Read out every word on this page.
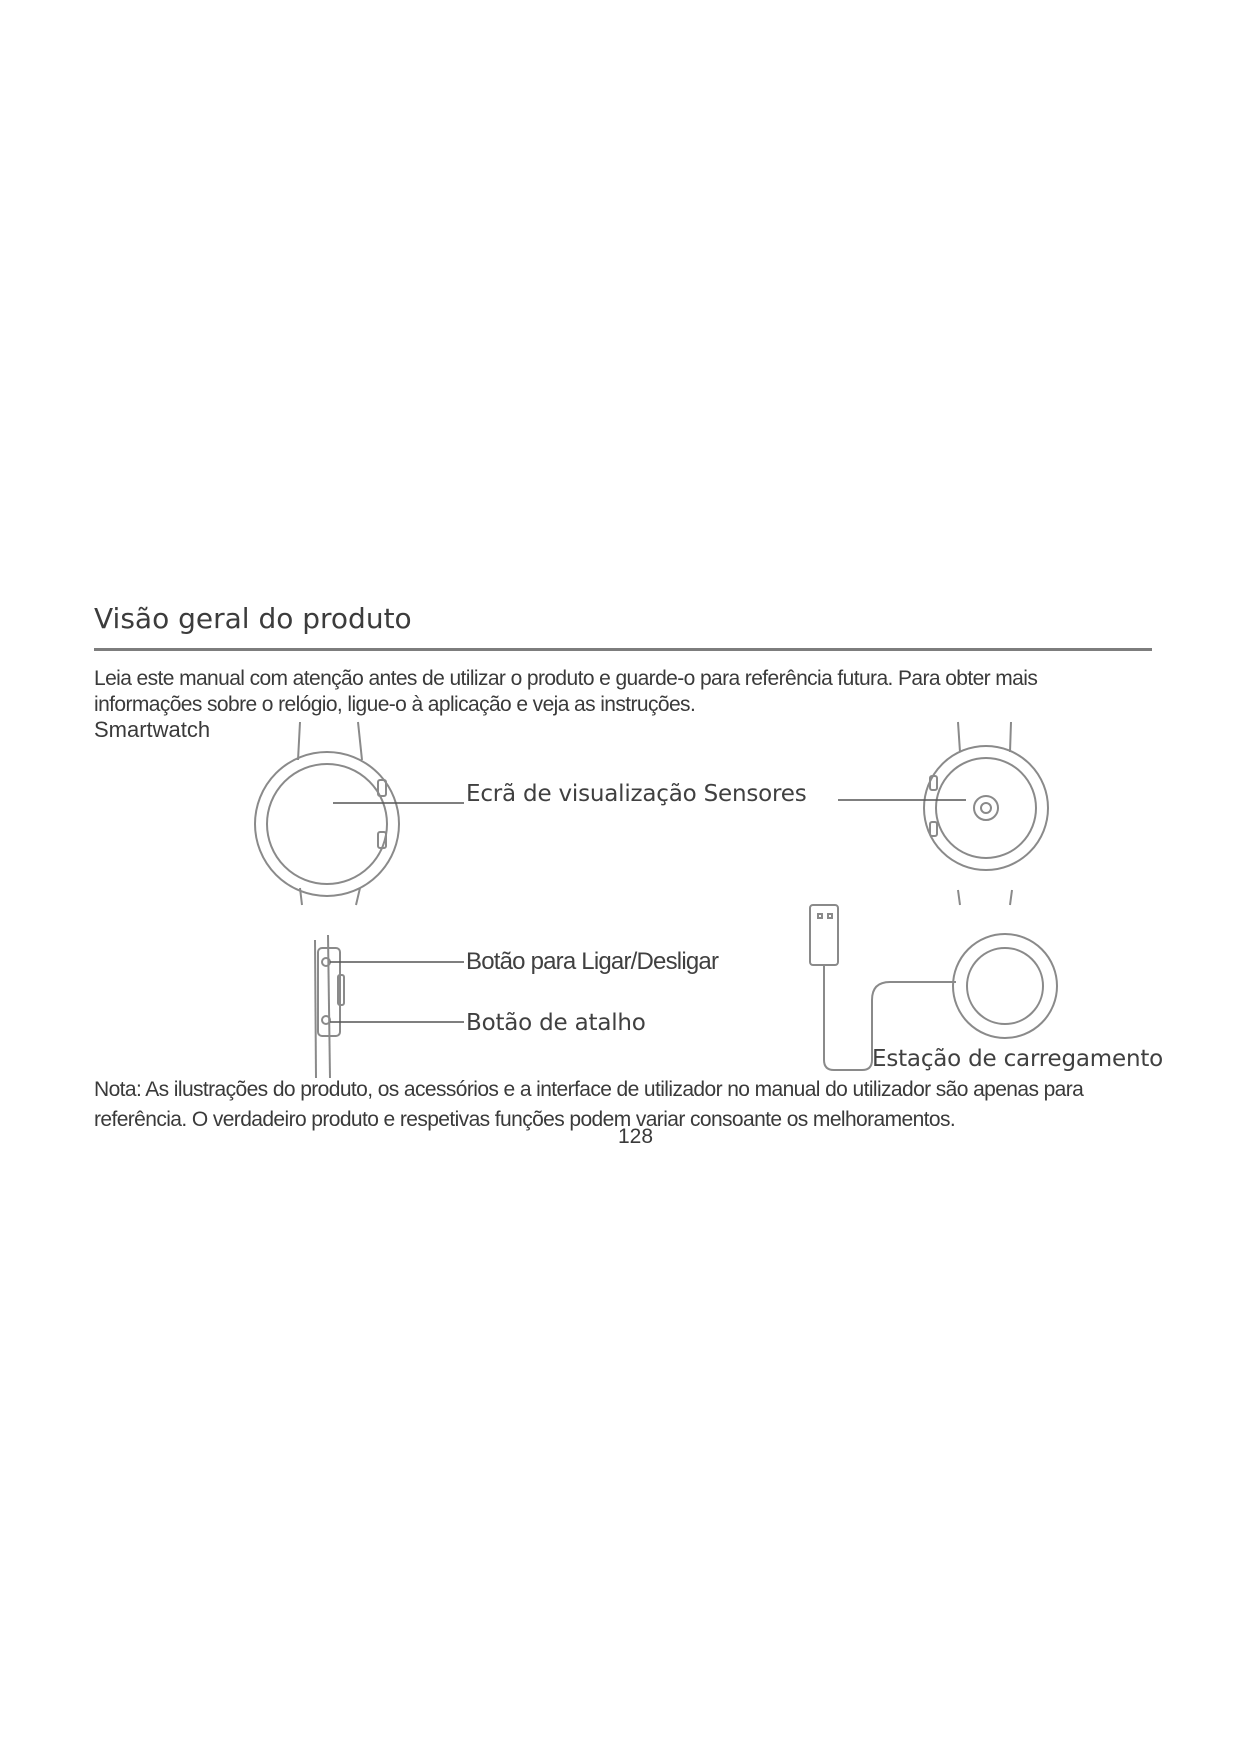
Visão geral do produto
Leia este manual com atenção antes de utilizar o produto e guarde-o para referência futura. Para obter mais
informações sobre o relógio, ligue-o à aplicação e veja as instruções.
Smartwatch
Ecrã de visualização Sensores
Botão para Ligar/Desligar
Botão de atalho
Estação de carregamento
Nota: As ilustrações do produto, os acessórios e a interface de utilizador no manual do utilizador são apenas para
referência. O verdadeiro produto e respetivas funções podem variar consoante os melhoramentos.
128
